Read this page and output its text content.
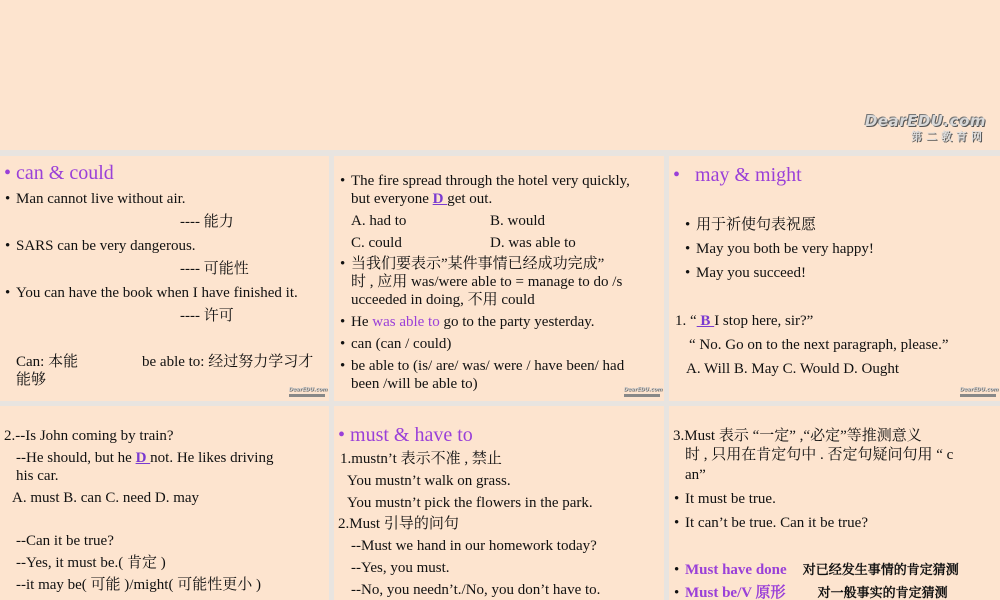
DearEDU.com
第二教育网
• can & could
• Man cannot live without air.
---- 能力
• SARS can be very dangerous.
---- 可能性
• You can have the book when I have finished it.
---- 许可
Can: 本能	be able to: 经过努力学习才
能够
DearEDU.com
• The fire spread through the hotel very quickly,
but everyone D get out.
A. had to	B. would
C. could	D. was able to
• 当我们要表示”某件事情已经成功完成”
时 , 应用 was/were able to = manage to do /s
ucceeded in doing, 不用 could
• He was able to go to the party yesterday.
• can (can / could)
• be able to (is/ are/ was/ were / have been/ had
been /will be able to)	DearEDU.com
•   may & might
• 用于祈使句表祝愿
• May you both be very happy!
• May you succeed!
1. “ B I stop here, sir?”
“ No. Go on to the next paragraph, please.”
A. Will B. May C. Would D. Ought
DearEDU.com
2.--Is John coming by train?
--He should, but he D not. He likes driving
his car.
A. must B. can C. need D. may
--Can it be true?
--Yes, it must be.( 肯定 )
--it may be( 可能 )/might( 可能性更小 )
• must & have to
1.mustn’t 表示不准 , 禁止
You mustn’t walk on grass.
You mustn’t pick the flowers in the park.
2.Must 引导的问句
--Must we hand in our homework today?
--Yes, you must.
--No, you needn’t./No, you don’t have to.
3.Must 表示 “一定” ,“必定”等推测意义
时 , 只用在肯定句中 . 否定句疑问句用 “ c
an”
• It must be true.
• It can’t be true. Can it be true?
• Must have done 对已经发生事情的肯定猜测
• Must be/V 原形 对一般事实的肯定猜测
